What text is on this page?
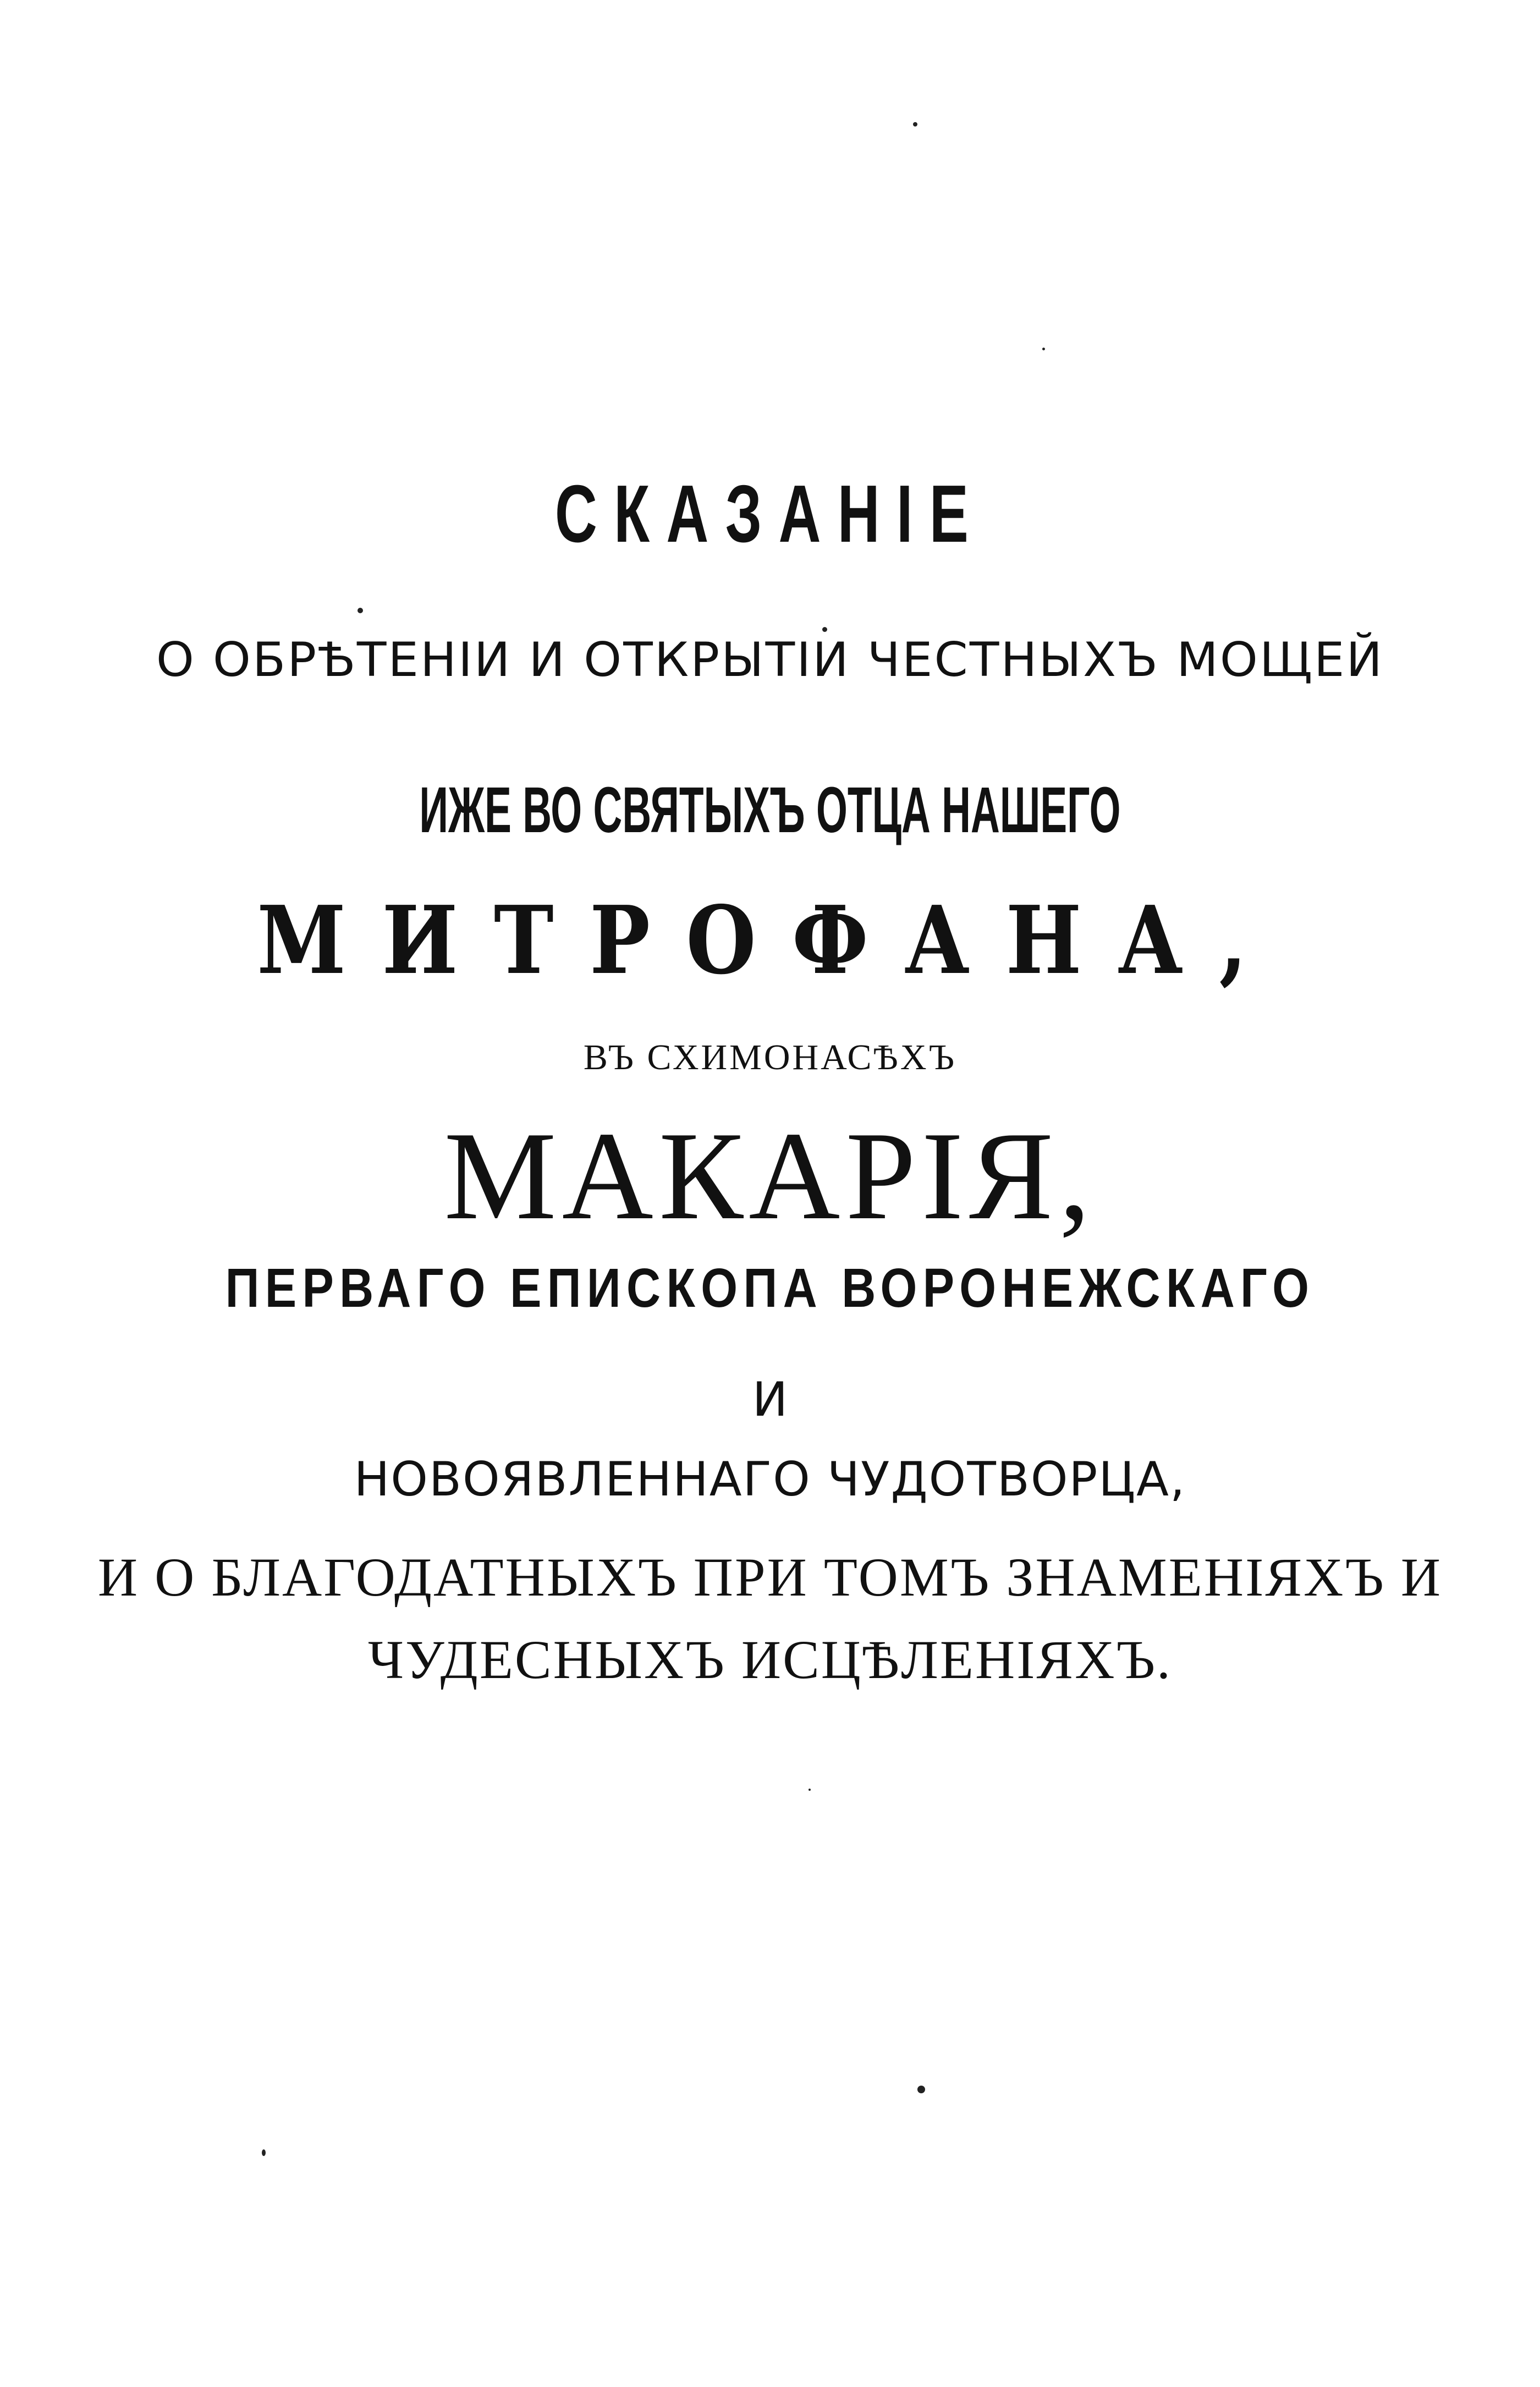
СКАЗАНІЕ
О ОБРѢТЕНІИ И ОТКРЫТІИ ЧЕСТНЫХЪ МОЩЕЙ
ИЖЕ ВО СВЯТЫХЪ ОТЦА НАШЕГО
МИТРОФАНА,
ВЪ СХИМОНАСѢХЪ
МАКАРІЯ,
ПЕРВАГО ЕПИСКОПА ВОРОНЕЖСКАГО
И
НОВОЯВЛЕННАГО ЧУДОТВОРЦА,
И О БЛАГОДАТНЫХЪ ПРИ ТОМЪ ЗНАМЕНІЯХЪ И
ЧУДЕСНЫХЪ ИСЦѢЛЕНІЯХЪ.
